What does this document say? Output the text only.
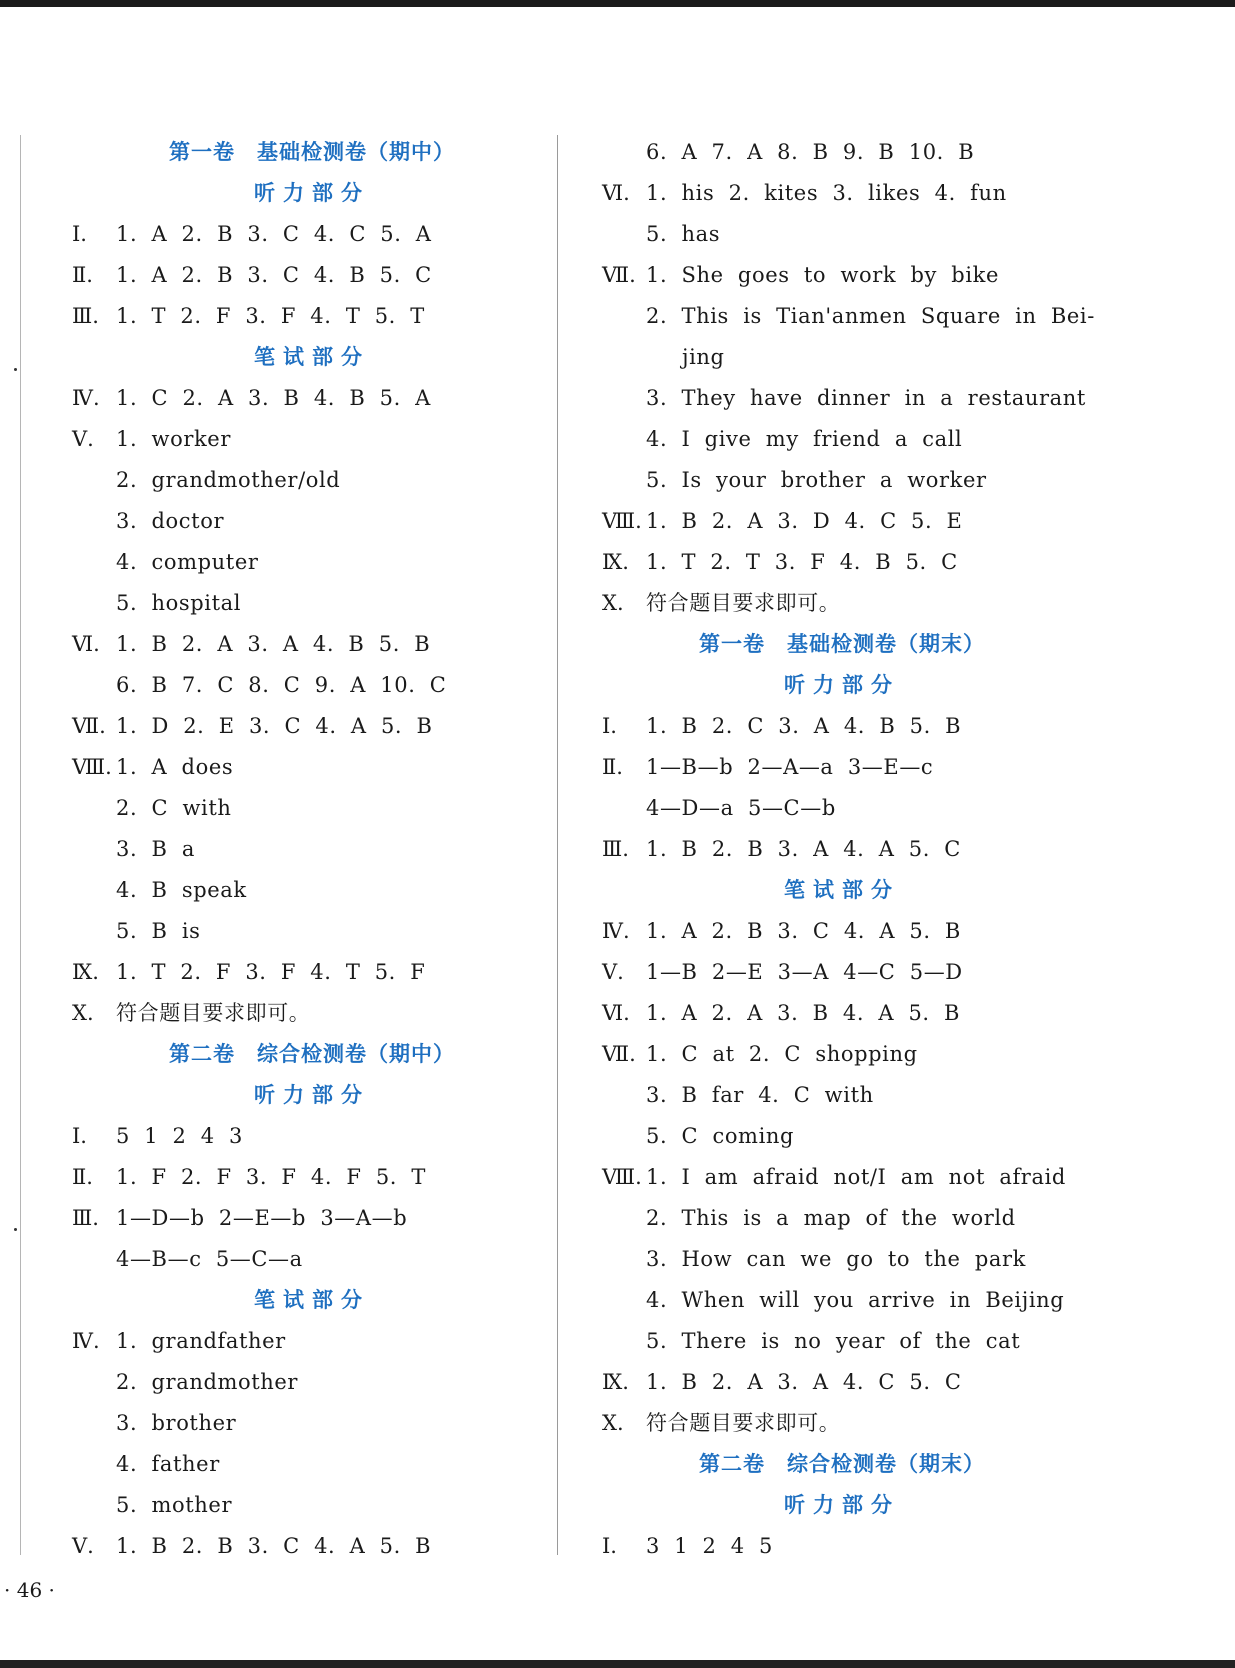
第一卷　基础检测卷（期中）
听力部分
Ⅰ. 1. A 2. B 3. C 4. C 5. A
Ⅱ. 1. A 2. B 3. C 4. B 5. C
Ⅲ. 1. T 2. F 3. F 4. T 5. T
笔试部分
Ⅳ. 1. C 2. A 3. B 4. B 5. A
Ⅴ. 1. worker
2. grandmother/old
3. doctor
4. computer
5. hospital
Ⅵ. 1. B 2. A 3. A 4. B 5. B
6. B 7. C 8. C 9. A 10. C
Ⅶ. 1. D 2. E 3. C 4. A 5. B
Ⅷ. 1. A does
2. C with
3. B a
4. B speak
5. B is
Ⅸ. 1. T 2. F 3. F 4. T 5. F
Ⅹ. 符合题目要求即可。
第二卷　综合检测卷（期中）
听力部分
Ⅰ. 5 1 2 4 3
Ⅱ. 1. F 2. F 3. F 4. F 5. T
Ⅲ. 1—D—b 2—E—b 3—A—b
4—B—c 5—C—a
笔试部分
Ⅳ. 1. grandfather
2. grandmother
3. brother
4. father
5. mother
Ⅴ. 1. B 2. B 3. C 4. A 5. B
6. A 7. A 8. B 9. B 10. B
Ⅵ. 1. his 2. kites 3. likes 4. fun
5. has
Ⅶ. 1. She goes to work by bike
2. This is Tian'anmen Square in Bei-
jing
3. They have dinner in a restaurant
4. I give my friend a call
5. Is your brother a worker
Ⅷ. 1. B 2. A 3. D 4. C 5. E
Ⅸ. 1. T 2. T 3. F 4. B 5. C
Ⅹ. 符合题目要求即可。
第一卷　基础检测卷（期末）
听力部分
Ⅰ. 1. B 2. C 3. A 4. B 5. B
Ⅱ. 1—B—b 2—A—a 3—E—c
4—D—a 5—C—b
Ⅲ. 1. B 2. B 3. A 4. A 5. C
笔试部分
Ⅳ. 1. A 2. B 3. C 4. A 5. B
Ⅴ. 1—B 2—E 3—A 4—C 5—D
Ⅵ. 1. A 2. A 3. B 4. A 5. B
Ⅶ. 1. C at 2. C shopping
3. B far 4. C with
5. C coming
Ⅷ. 1. I am afraid not/I am not afraid
2. This is a map of the world
3. How can we go to the park
4. When will you arrive in Beijing
5. There is no year of the cat
Ⅸ. 1. B 2. A 3. A 4. C 5. C
Ⅹ. 符合题目要求即可。
第二卷　综合检测卷（期末）
听力部分
Ⅰ. 3 1 2 4 5
· 46 ·
